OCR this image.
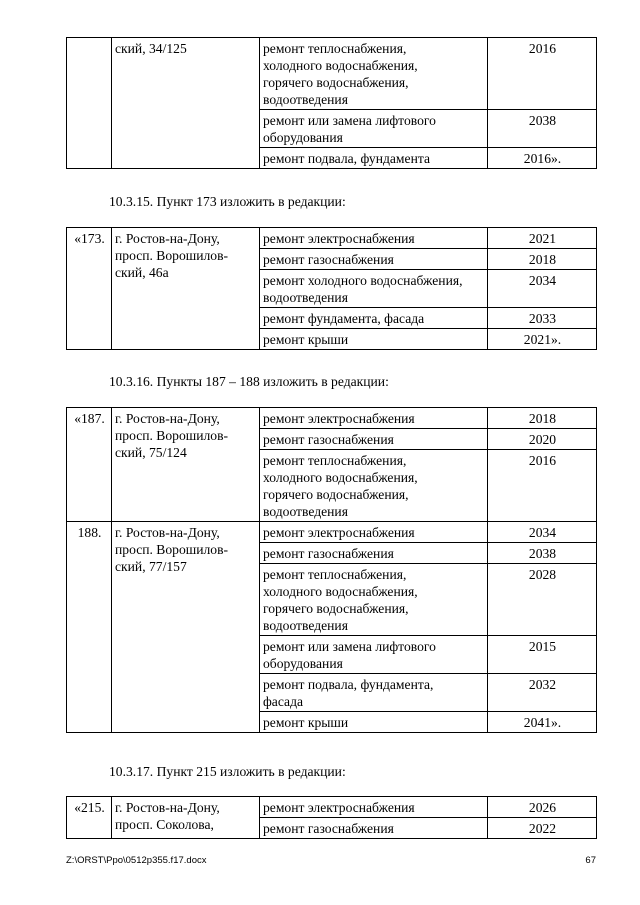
	ский, 34/125	ремонт теплоснабжения,
холодного водоснабжения,
горячего водоснабжения,
водоотведения	2016
		ремонт или замена лифтового
оборудования	2038
		ремонт подвала, фундамента	2016».
10.3.15. Пункт 173 изложить в редакции:
«173.	г. Ростов-на-Дону,
просп. Ворошилов-
ский, 46а	ремонт электроснабжения	2021
		ремонт газоснабжения	2018
		ремонт холодного водоснабжения,
водоотведения	2034
		ремонт фундамента, фасада	2033
		ремонт крыши	2021».
10.3.16. Пункты 187 – 188 изложить в редакции:
«187.	г. Ростов-на-Дону,
просп. Ворошилов-
ский, 75/124	ремонт электроснабжения	2018
		ремонт газоснабжения	2020
		ремонт теплоснабжения,
холодного водоснабжения,
горячего водоснабжения,
водоотведения	2016
188.	г. Ростов-на-Дону,
просп. Ворошилов-
ский, 77/157	ремонт электроснабжения	2034
		ремонт газоснабжения	2038
		ремонт теплоснабжения,
холодного водоснабжения,
горячего водоснабжения,
водоотведения	2028
		ремонт или замена лифтового
оборудования	2015
		ремонт подвала, фундамента,
фасада	2032
		ремонт крыши	2041».
10.3.17. Пункт 215 изложить в редакции:
«215.	г. Ростов-на-Дону,
просп. Соколова,	ремонт электроснабжения	2026
		ремонт газоснабжения	2022
Z:\ORST\Ppo\0512p355.f17.docx	67
